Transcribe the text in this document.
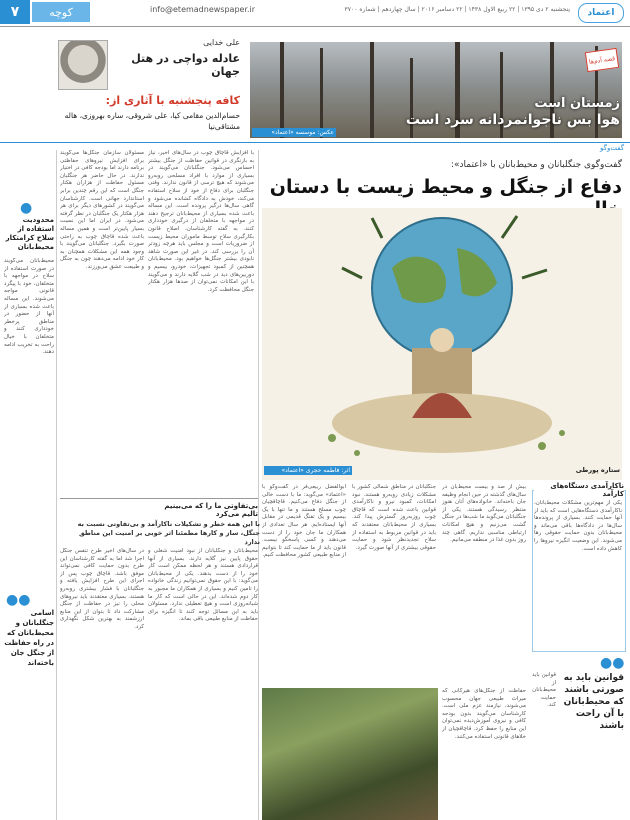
۷	کوچه	info@etemadnewspaper.ir	پنجشنبه ۲ دی ۱۳۹۵ | ۲۲ ربیع الاول ۱۴۳۸ | ۲۲ دسامبر ۲۰۱۶ | سال چهاردهم | شماره ۳۷۰۰	اعتماد
علی خدایی
عادله دواچی در هتل جهان
کافه پنجشنبه با آثاری از:
حسام‌الدین مقامی‌ کیا، علی شروقی، ساره بهروزی، هاله مشتاقی‌نیا
قصه آدم‌ها
زمستان است
هوا بس ناجوانمردانه سرد است
عکس: موسسه «اعتماد»
گفت‌وگو
گفت‌وگوی جنگلبانان و محیط‌بانان با «اعتماد»:
دفاع از جنگل و محیط زیست با دستان
اثر: فاطمه حجری «اعتماد»	ستاره پورطی

ابوالفضل ربیعی‌فر در گفت‌وگو با «اعتماد» می‌گوید: ما با دست خالی از جنگل دفاع می‌کنیم. قاچاقچیان چوب مسلح هستند و ما تنها با یک بیسیم و یک تفنگ قدیمی در مقابل آنها ایستاده‌ایم. هر سال تعدادی از همکاران ما جان خود را از دست می‌دهند و کسی پاسخگو نیست. قانون باید از ما حمایت کند تا بتوانیم از منابع طبیعی کشور محافظت کنیم.

جنگلبانان در مناطق شمالی کشور با مشکلات زیادی روبه‌رو هستند. نبود امکانات، کمبود نیرو و ناکارآمدی قوانین باعث شده است که قاچاق چوب روزبه‌روز گسترش پیدا کند. بسیاری از محیط‌بانان معتقدند که باید در قوانین مربوط به استفاده از سلاح تجدیدنظر شود و حمایت حقوقی بیشتری از آنها صورت گیرد.

بیش از صد و بیست محیط‌بان در سال‌های گذشته در حین انجام وظیفه جان باخته‌اند. خانواده‌های آنان هنوز منتظر رسیدگی هستند. یکی از جنگلبانان می‌گوید ما شب‌ها در جنگل گشت می‌زنیم و هیچ امکانات ارتباطی مناسبی نداریم. گاهی چند روز بدون غذا در منطقه می‌مانیم.

حفاظت از جنگل‌های هیرکانی که میراث طبیعی جهان محسوب می‌شوند، نیازمند عزم ملی است. کارشناسان می‌گویند بدون بودجه کافی و نیروی آموزش‌دیده نمی‌توان این منابع را حفظ کرد. قاچاقچیان از خلاهای قانونی استفاده می‌کنند.

ناکارآمدی دستگاه‌های کارآمد

یکی از مهم‌ترین مشکلات محیط‌بانان، ناکارآمدی دستگاه‌هایی است که باید از آنها حمایت کنند. بسیاری از پرونده‌ها سال‌ها در دادگاه‌ها باقی می‌ماند و محیط‌بانان بدون حمایت حقوقی رها می‌شوند. این وضعیت انگیزه نیروها را کاهش داده است.

●●
قوانین باید به صورتی باشند که محیط‌بانان با آن راحت باشند

قوانین باید از محیط‌بانان حمایت کند.

با افزایش قاچاق چوب در سال‌های اخیر، نیاز به بازنگری در قوانین حفاظت از جنگل بیشتر احساس می‌شود. جنگلبانان می‌گویند در بسیاری از موارد با افراد مسلحی روبه‌رو می‌شوند که هیچ ترسی از قانون ندارند. وقتی جنگلبان برای دفاع از خود از سلاح استفاده می‌کند، خودش به دادگاه کشانده می‌شود و گاهی سال‌ها درگیر پرونده است. این مساله باعث شده بسیاری از محیط‌بانان ترجیح دهند در مواجهه با متخلفان از درگیری خودداری کنند. به گفته کارشناسان، اصلاح قانون بکارگیری سلاح توسط ماموران محیط زیست از ضروریات است و مجلس باید هرچه زودتر آن را بررسی کند. در غیر این صورت شاهد نابودی بیشتر جنگل‌ها خواهیم بود. محیط‌بانان همچنین از کمبود تجهیزات، خودرو، بیسیم و دوربین‌های دید در شب گلایه دارند و می‌گویند با این امکانات نمی‌توان از صدها هزار هکتار جنگل محافظت کرد.

مسئولان سازمان جنگل‌ها می‌گویند برای افزایش نیروهای حفاظتی برنامه دارند اما بودجه کافی در اختیار ندارند. در حال حاضر هر جنگلبان مسئول حفاظت از هزاران هکتار جنگل است که این رقم چندین برابر استاندارد جهانی است. کارشناسان می‌گویند در کشورهای دیگر برای هر هزار هکتار یک جنگلبان در نظر گرفته می‌شود. در ایران اما این نسبت بسیار پایین‌تر است و همین مساله باعث شده قاچاق چوب به راحتی صورت بگیرد. جنگلبانان می‌گویند با وجود همه این مشکلات همچنان به کار خود ادامه می‌دهند چون به جنگل و طبیعت عشق می‌ورزند.

بی‌تفاوتی ما را که می‌بینیم تالیم می‌کرد
با این همه خطر و تشکیلات ناکارآمد و بی‌تفاوتی نسبت به جنگل، ساز و کارها مطمئنا اثر خوبی بر امنیت این مناطق ندارد

محیط‌بانان و جنگلبانان از نبود امنیت شغلی و حقوق پایین نیز گلایه دارند. بسیاری از آنها قراردادی هستند و هر لحظه ممکن است کار خود را از دست بدهند. یکی از محیط‌بانان می‌گوید: با این حقوق نمی‌توانیم زندگی خانواده را تامین کنیم و بسیاری از همکاران ما مجبور به کار دوم شده‌اند. این در حالی است که کار ما شبانه‌روزی است و هیچ تعطیلی ندارد. مسئولان باید به این مسائل توجه کنند تا انگیزه برای حفاظت از منابع طبیعی باقی بماند.

در سال‌های اخیر طرح تنفس جنگل اجرا شد اما به گفته کارشناسان این طرح بدون حمایت کافی نمی‌تواند موفق باشد. قاچاق چوب پس از اجرای این طرح افزایش یافته و جنگلبانان با فشار بیشتری روبه‌رو هستند. بسیاری معتقدند باید نیروهای محلی را نیز در حفاظت از جنگل مشارکت داد تا بتوان از این منابع ارزشمند به بهترین شکل نگهداری کرد.

●
محدودیت استفاده از سلاح کرامتکار محیط‌بانان

محیط‌بانان می‌گویند در صورت استفاده از سلاح در مواجهه با متخلفان، خود با پیگرد قانونی مواجه می‌شوند. این مساله باعث شده بسیاری از آنها از حضور در مناطق پرخطر خودداری کنند و متخلفان با خیال راحت به تخریب ادامه دهند.

●●
اسامی جنگلبانان و محیط‌بانان که در راه حفاظت از جنگل جان باخته‌اند
